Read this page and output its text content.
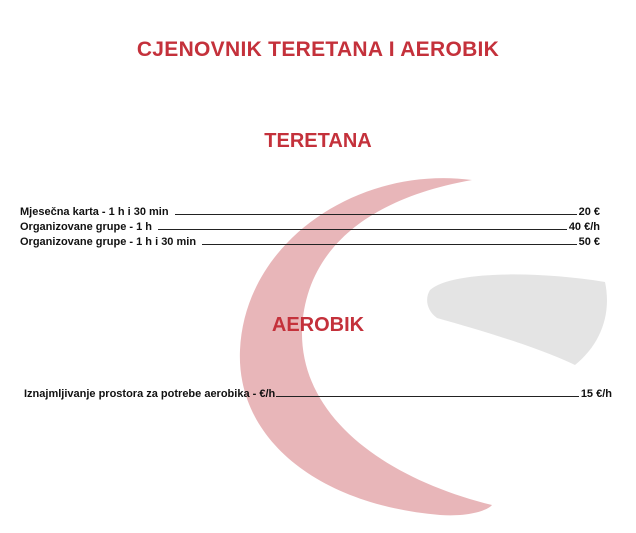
CJENOVNIK TERETANA I AEROBIK
TERETANA
Mjesečna karta - 1 h i 30 min	20 €
Organizovane grupe - 1 h	40 €/h
Organizovane grupe - 1 h i 30 min	50 €
AEROBIK
Iznajmljivanje prostora za potrebe aerobika - €/h	15 €/h
